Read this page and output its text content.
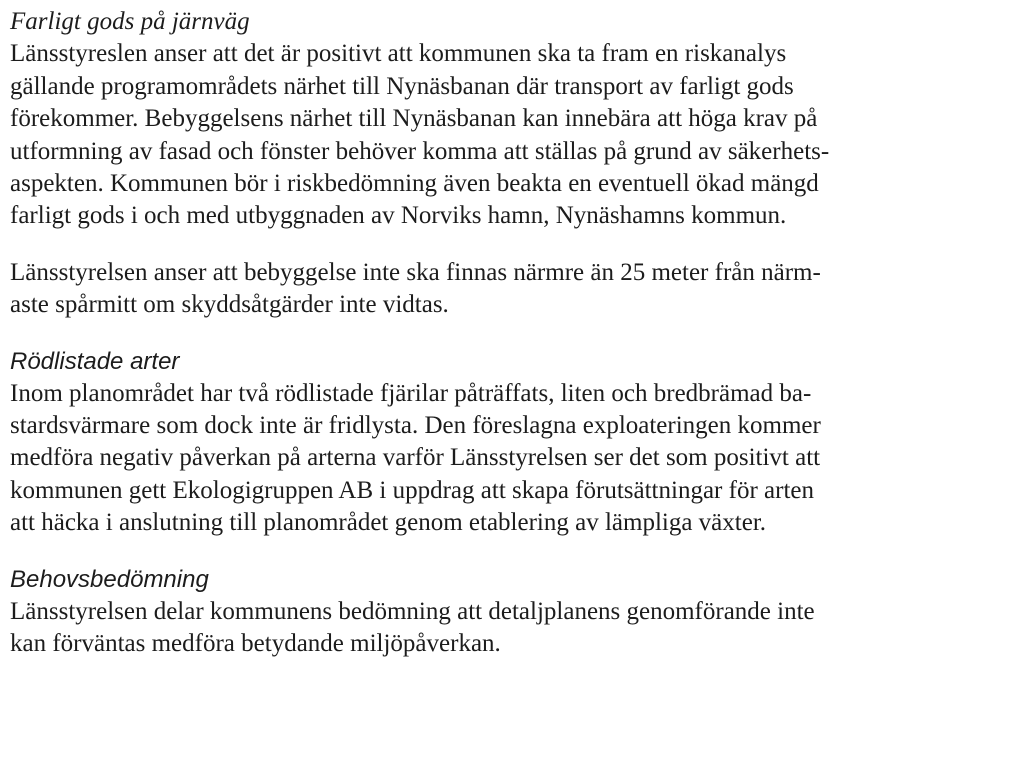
Farligt gods på järnväg

Länsstyreslen anser att det är positivt att kommunen ska ta fram en riskanalys
gällande programområdets närhet till Nynäsbanan där transport av farligt gods
förekommer. Bebyggelsens närhet till Nynäsbanan kan innebära att höga krav på
utformning av fasad och fönster behöver komma att ställas på grund av säkerhets-
aspekten. Kommunen bör i riskbedömning även beakta en eventuell ökad mängd
farligt gods i och med utbyggnaden av Norviks hamn, Nynäshamns kommun.

Länsstyrelsen anser att bebyggelse inte ska finnas närmre än 25 meter från närm-
aste spårmitt om skyddsåtgärder inte vidtas.

Rödlistade arter

Inom planområdet har två rödlistade fjärilar påträffats, liten och bredbrämad ba-
stardsvärmare som dock inte är fridlysta. Den föreslagna exploateringen kommer
medföra negativ påverkan på arterna varför Länsstyrelsen ser det som positivt att
kommunen gett Ekologigruppen AB i uppdrag att skapa förutsättningar för arten
att häcka i anslutning till planområdet genom etablering av lämpliga växter.

Behovsbedömning

Länsstyrelsen delar kommunens bedömning att detaljplanens genomförande inte
kan förväntas medföra betydande miljöpåverkan.
